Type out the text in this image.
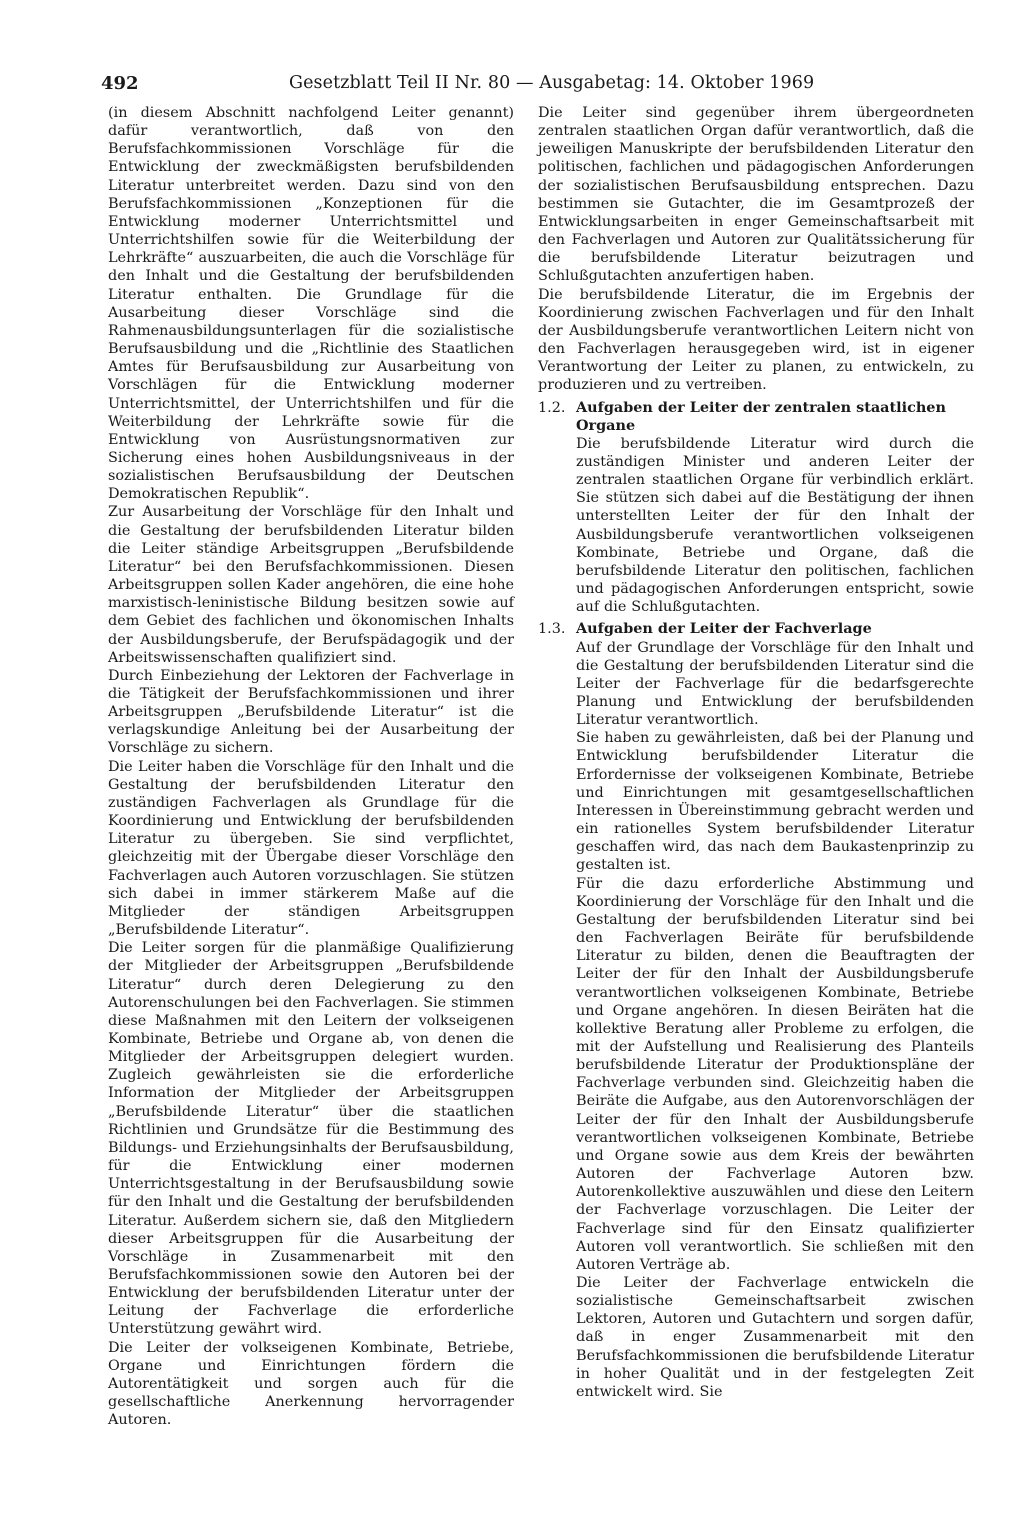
492	Gesetzblatt Teil II Nr. 80 — Ausgabetag: 14. Oktober 1969

(in diesem Abschnitt nachfolgend Leiter genannt) dafür verantwortlich, daß von den Berufsfachkommissionen Vorschläge für die Entwicklung der zweckmäßigsten berufsbildenden Literatur unterbreitet werden. Dazu sind von den Berufsfachkommissionen „Konzeptionen für die Entwicklung moderner Unterrichtsmittel und Unterrichtshilfen sowie für die Weiterbildung der Lehrkräfte“ auszuarbeiten, die auch die Vorschläge für den Inhalt und die Gestaltung der berufsbildenden Literatur enthalten. Die Grundlage für die Ausarbeitung dieser Vorschläge sind die Rahmenausbildungsunterlagen für die sozialistische Berufsausbildung und die „Richtlinie des Staatlichen Amtes für Berufsausbildung zur Ausarbeitung von Vorschlägen für die Entwicklung moderner Unterrichtsmittel, der Unterrichtshilfen und für die Weiterbildung der Lehrkräfte sowie für die Entwicklung von Ausrüstungsnormativen zur Sicherung eines hohen Ausbildungsniveaus in der sozialistischen Berufsausbildung der Deutschen Demokratischen Republik“.

Zur Ausarbeitung der Vorschläge für den Inhalt und die Gestaltung der berufsbildenden Literatur bilden die Leiter ständige Arbeitsgruppen „Berufsbildende Literatur“ bei den Berufsfachkommissionen. Diesen Arbeitsgruppen sollen Kader angehören, die eine hohe marxistisch-leninistische Bildung besitzen sowie auf dem Gebiet des fachlichen und ökonomischen Inhalts der Ausbildungsberufe, der Berufspädagogik und der Arbeitswissenschaften qualifiziert sind.

Durch Einbeziehung der Lektoren der Fachverlage in die Tätigkeit der Berufsfachkommissionen und ihrer Arbeitsgruppen „Berufsbildende Literatur“ ist die verlagskundige Anleitung bei der Ausarbeitung der Vorschläge zu sichern.

Die Leiter haben die Vorschläge für den Inhalt und die Gestaltung der berufsbildenden Literatur den zuständigen Fachverlagen als Grundlage für die Koordinierung und Entwicklung der berufsbildenden Literatur zu übergeben. Sie sind verpflichtet, gleichzeitig mit der Übergabe dieser Vorschläge den Fachverlagen auch Autoren vorzuschlagen. Sie stützen sich dabei in immer stärkerem Maße auf die Mitglieder der ständigen Arbeitsgruppen „Berufsbildende Literatur“.

Die Leiter sorgen für die planmäßige Qualifizierung der Mitglieder der Arbeitsgruppen „Berufsbildende Literatur“ durch deren Delegierung zu den Autorenschulungen bei den Fachverlagen. Sie stimmen diese Maßnahmen mit den Leitern der volkseigenen Kombinate, Betriebe und Organe ab, von denen die Mitglieder der Arbeitsgruppen delegiert wurden. Zugleich gewährleisten sie die erforderliche Information der Mitglieder der Arbeitsgruppen „Berufsbildende Literatur“ über die staatlichen Richtlinien und Grundsätze für die Bestimmung des Bildungs- und Erziehungsinhalts der Berufsausbildung, für die Entwicklung einer modernen Unterrichtsgestaltung in der Berufsausbildung sowie für den Inhalt und die Gestaltung der berufsbildenden Literatur. Außerdem sichern sie, daß den Mitgliedern dieser Arbeitsgruppen für die Ausarbeitung der Vorschläge in Zusammenarbeit mit den Berufsfachkommissionen sowie den Autoren bei der Entwicklung der berufsbildenden Literatur unter der Leitung der Fachverlage die erforderliche Unterstützung gewährt wird.

Die Leiter der volkseigenen Kombinate, Betriebe, Organe und Einrichtungen fördern die Autorentätigkeit und sorgen auch für die gesellschaftliche Anerkennung hervorragender Autoren.

Die Leiter sind gegenüber ihrem übergeordneten zentralen staatlichen Organ dafür verantwortlich, daß die jeweiligen Manuskripte der berufsbildenden Literatur den politischen, fachlichen und pädagogischen Anforderungen der sozialistischen Berufsausbildung entsprechen. Dazu bestimmen sie Gutachter, die im Gesamtprozeß der Entwicklungsarbeiten in enger Gemeinschaftsarbeit mit den Fachverlagen und Autoren zur Qualitätssicherung für die berufsbildende Literatur beizutragen und Schlußgutachten anzufertigen haben.

Die berufsbildende Literatur, die im Ergebnis der Koordinierung zwischen Fachverlagen und für den Inhalt der Ausbildungsberufe verantwortlichen Leitern nicht von den Fachverlagen herausgegeben wird, ist in eigener Verantwortung der Leiter zu planen, zu entwickeln, zu produzieren und zu vertreiben.

1.2. Aufgaben der Leiter der zentralen staatlichen Organe

Die berufsbildende Literatur wird durch die zuständigen Minister und anderen Leiter der zentralen staatlichen Organe für verbindlich erklärt. Sie stützen sich dabei auf die Bestätigung der ihnen unterstellten Leiter der für den Inhalt der Ausbildungsberufe verantwortlichen volkseigenen Kombinate, Betriebe und Organe, daß die berufsbildende Literatur den politischen, fachlichen und pädagogischen Anforderungen entspricht, sowie auf die Schlußgutachten.

1.3. Aufgaben der Leiter der Fachverlage

Auf der Grundlage der Vorschläge für den Inhalt und die Gestaltung der berufsbildenden Literatur sind die Leiter der Fachverlage für die bedarfsgerechte Planung und Entwicklung der berufsbildenden Literatur verantwortlich.

Sie haben zu gewährleisten, daß bei der Planung und Entwicklung berufsbildender Literatur die Erfordernisse der volkseigenen Kombinate, Betriebe und Einrichtungen mit gesamtgesellschaftlichen Interessen in Übereinstimmung gebracht werden und ein rationelles System berufsbildender Literatur geschaffen wird, das nach dem Baukastenprinzip zu gestalten ist.

Für die dazu erforderliche Abstimmung und Koordinierung der Vorschläge für den Inhalt und die Gestaltung der berufsbildenden Literatur sind bei den Fachverlagen Beiräte für berufsbildende Literatur zu bilden, denen die Beauftragten der Leiter der für den Inhalt der Ausbildungsberufe verantwortlichen volkseigenen Kombinate, Betriebe und Organe angehören. In diesen Beiräten hat die kollektive Beratung aller Probleme zu erfolgen, die mit der Aufstellung und Realisierung des Planteils berufsbildende Literatur der Produktionspläne der Fachverlage verbunden sind. Gleichzeitig haben die Beiräte die Aufgabe, aus den Autorenvorschlägen der Leiter der für den Inhalt der Ausbildungsberufe verantwortlichen volkseigenen Kombinate, Betriebe und Organe sowie aus dem Kreis der bewährten Autoren der Fachverlage Autoren bzw. Autorenkollektive auszuwählen und diese den Leitern der Fachverlage vorzuschlagen. Die Leiter der Fachverlage sind für den Einsatz qualifizierter Autoren voll verantwortlich. Sie schließen mit den Autoren Verträge ab.

Die Leiter der Fachverlage entwickeln die sozialistische Gemeinschaftsarbeit zwischen Lektoren, Autoren und Gutachtern und sorgen dafür, daß in enger Zusammenarbeit mit den Berufsfachkommissionen die berufsbildende Literatur in hoher Qualität und in der festgelegten Zeit entwickelt wird. Sie
